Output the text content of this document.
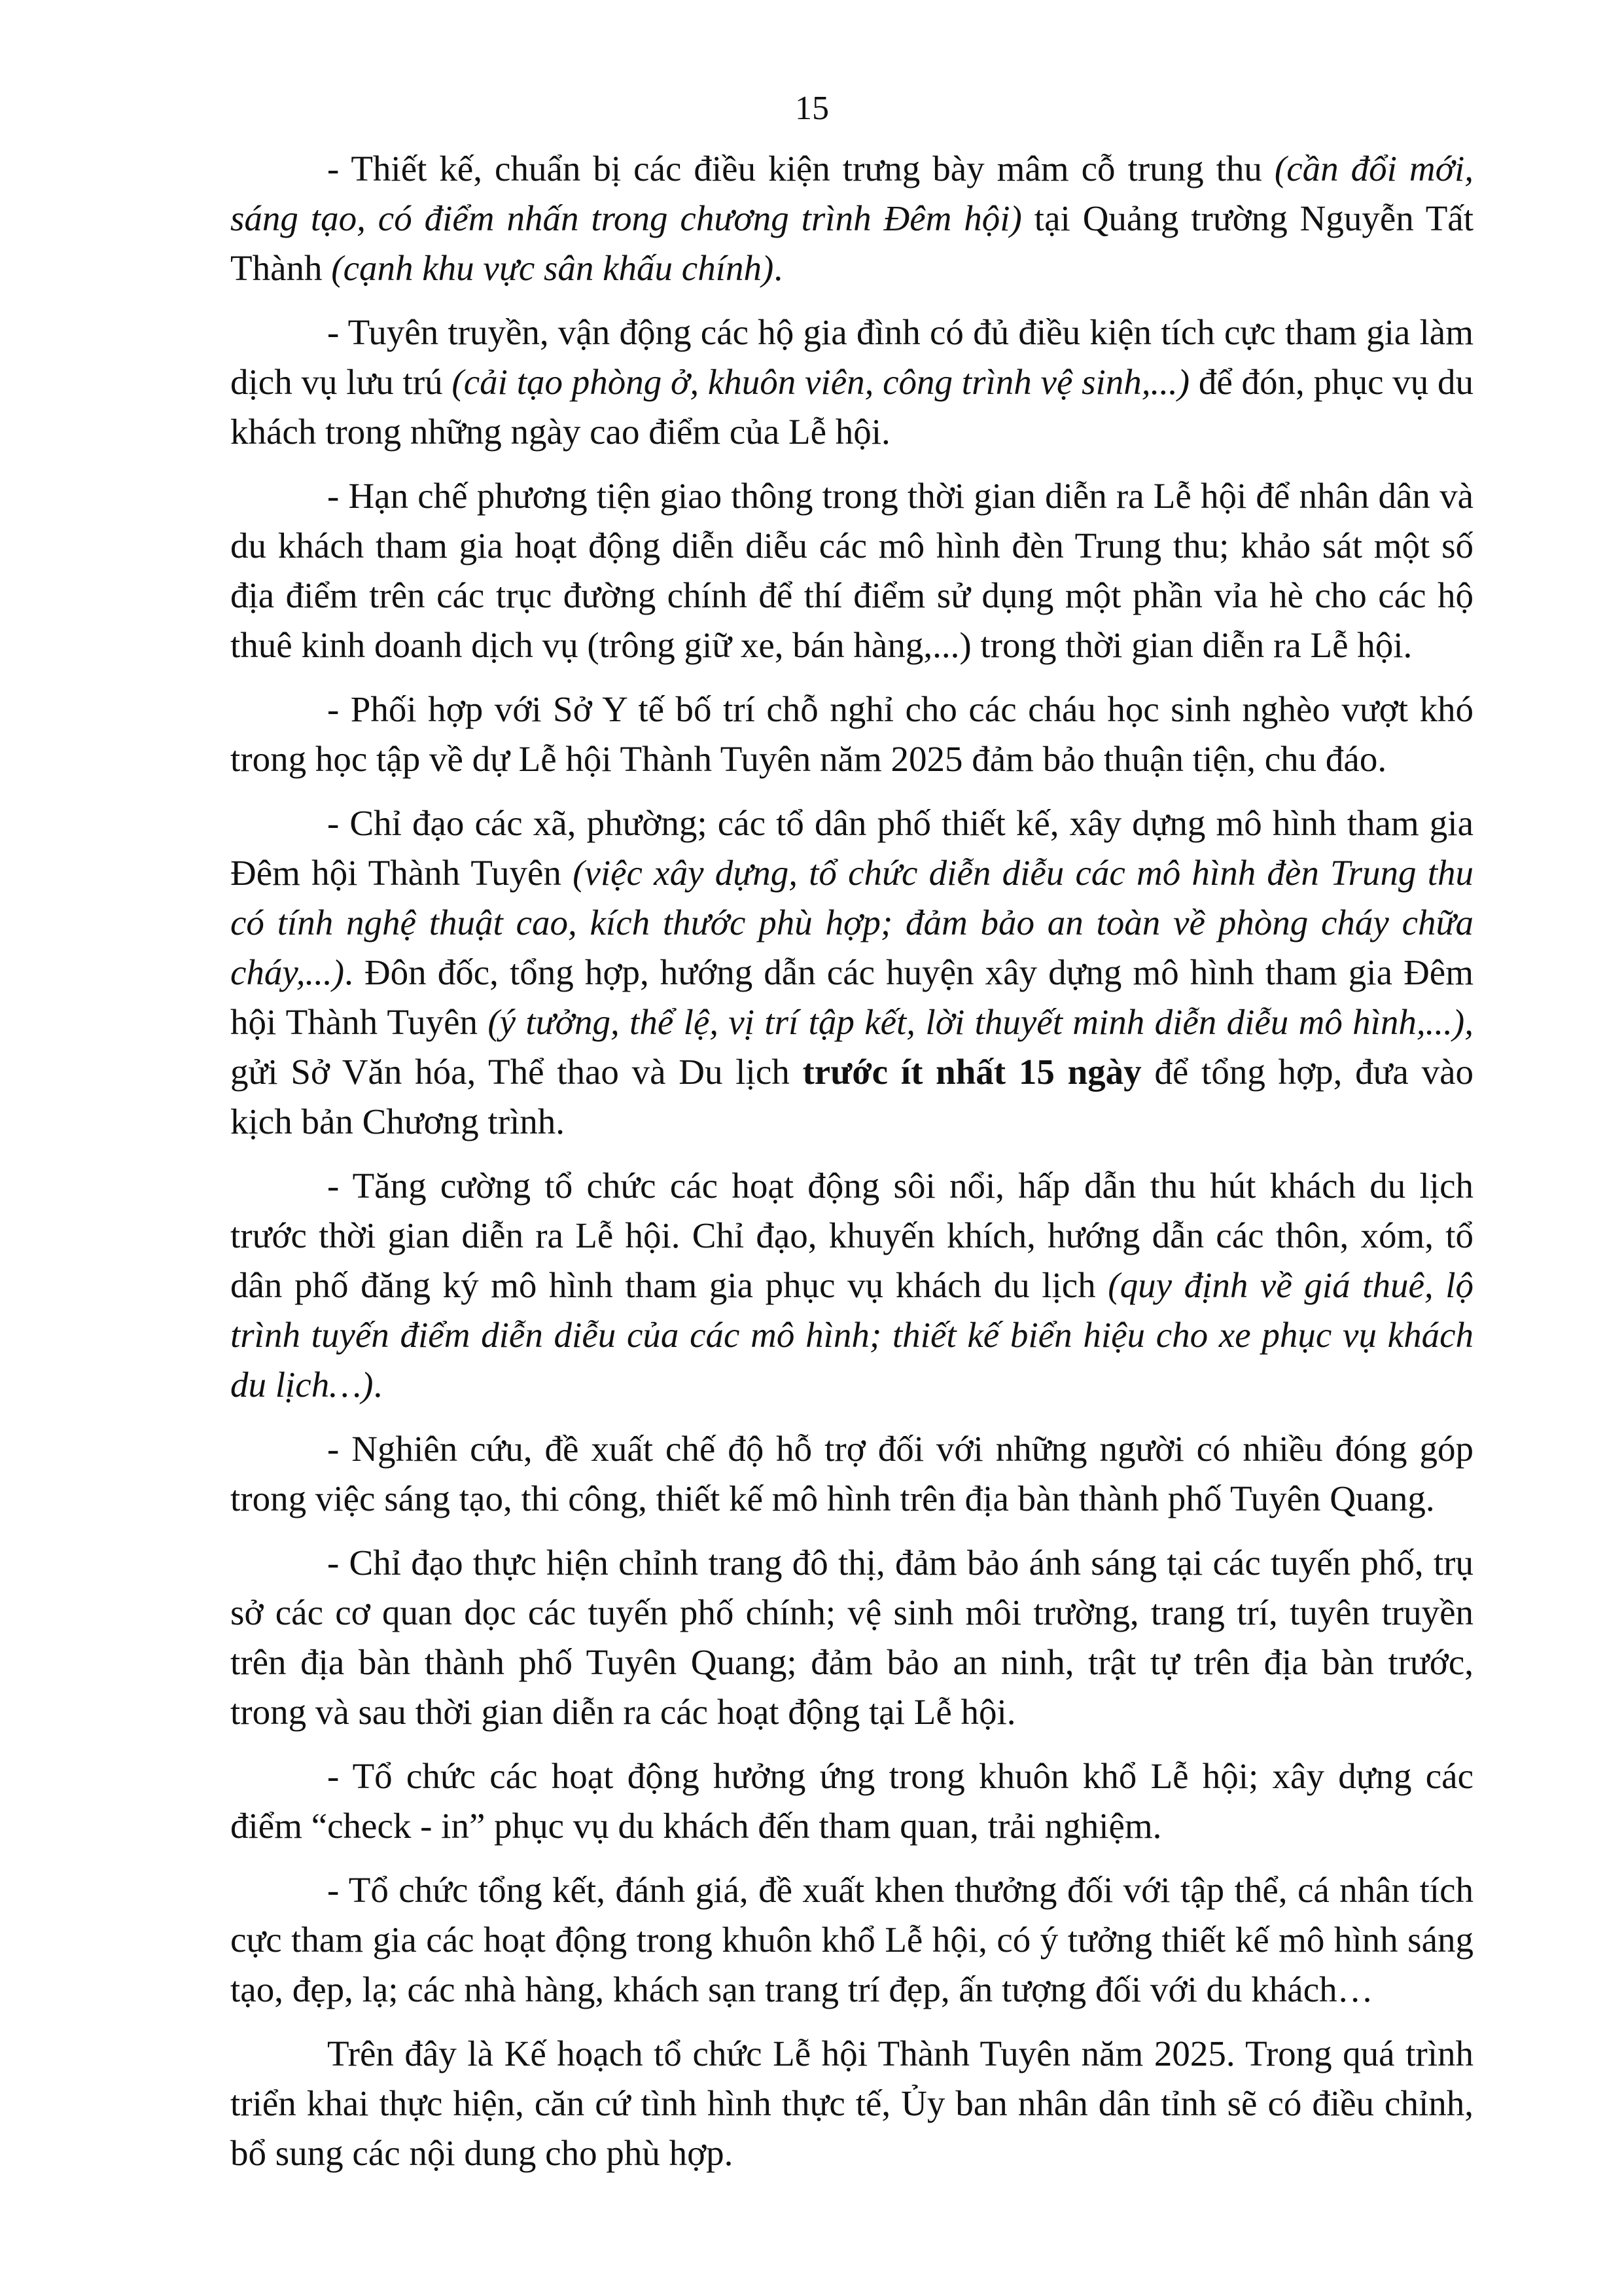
15

- Thiết kế, chuẩn bị các điều kiện trưng bày mâm cỗ trung thu (cần đổi mới, sáng tạo, có điểm nhấn trong chương trình Đêm hội) tại Quảng trường Nguyễn Tất Thành (cạnh khu vực sân khấu chính).

- Tuyên truyền, vận động các hộ gia đình có đủ điều kiện tích cực tham gia làm dịch vụ lưu trú (cải tạo phòng ở, khuôn viên, công trình vệ sinh,...) để đón, phục vụ du khách trong những ngày cao điểm của Lễ hội.

- Hạn chế phương tiện giao thông trong thời gian diễn ra Lễ hội để nhân dân và du khách tham gia hoạt động diễn diễu các mô hình đèn Trung thu; khảo sát một số địa điểm trên các trục đường chính để thí điểm sử dụng một phần vỉa hè cho các hộ thuê kinh doanh dịch vụ (trông giữ xe, bán hàng,...) trong thời gian diễn ra Lễ hội.

- Phối hợp với Sở Y tế bố trí chỗ nghỉ cho các cháu học sinh nghèo vượt khó trong học tập về dự Lễ hội Thành Tuyên năm 2025 đảm bảo thuận tiện, chu đáo.

- Chỉ đạo các xã, phường; các tổ dân phố thiết kế, xây dựng mô hình tham gia Đêm hội Thành Tuyên (việc xây dựng, tổ chức diễn diễu các mô hình đèn Trung thu có tính nghệ thuật cao, kích thước phù hợp; đảm bảo an toàn về phòng cháy chữa cháy,...). Đôn đốc, tổng hợp, hướng dẫn các huyện xây dựng mô hình tham gia Đêm hội Thành Tuyên (ý tưởng, thể lệ, vị trí tập kết, lời thuyết minh diễn diễu mô hình,...), gửi Sở Văn hóa, Thể thao và Du lịch trước ít nhất 15 ngày để tổng hợp, đưa vào kịch bản Chương trình.

- Tăng cường tổ chức các hoạt động sôi nổi, hấp dẫn thu hút khách du lịch trước thời gian diễn ra Lễ hội. Chỉ đạo, khuyến khích, hướng dẫn các thôn, xóm, tổ dân phố đăng ký mô hình tham gia phục vụ khách du lịch (quy định về giá thuê, lộ trình tuyến điểm diễn diễu của các mô hình; thiết kế biển hiệu cho xe phục vụ khách du lịch…).

- Nghiên cứu, đề xuất chế độ hỗ trợ đối với những người có nhiều đóng góp trong việc sáng tạo, thi công, thiết kế mô hình trên địa bàn thành phố Tuyên Quang.

- Chỉ đạo thực hiện chỉnh trang đô thị, đảm bảo ánh sáng tại các tuyến phố, trụ sở các cơ quan dọc các tuyến phố chính; vệ sinh môi trường, trang trí, tuyên truyền trên địa bàn thành phố Tuyên Quang; đảm bảo an ninh, trật tự trên địa bàn trước, trong và sau thời gian diễn ra các hoạt động tại Lễ hội.

- Tổ chức các hoạt động hưởng ứng trong khuôn khổ Lễ hội; xây dựng các điểm “check - in” phục vụ du khách đến tham quan, trải nghiệm.

- Tổ chức tổng kết, đánh giá, đề xuất khen thưởng đối với tập thể, cá nhân tích cực tham gia các hoạt động trong khuôn khổ Lễ hội, có ý tưởng thiết kế mô hình sáng tạo, đẹp, lạ; các nhà hàng, khách sạn trang trí đẹp, ấn tượng đối với du khách…

Trên đây là Kế hoạch tổ chức Lễ hội Thành Tuyên năm 2025. Trong quá trình triển khai thực hiện, căn cứ tình hình thực tế, Ủy ban nhân dân tỉnh sẽ có điều chỉnh, bổ sung các nội dung cho phù hợp.
